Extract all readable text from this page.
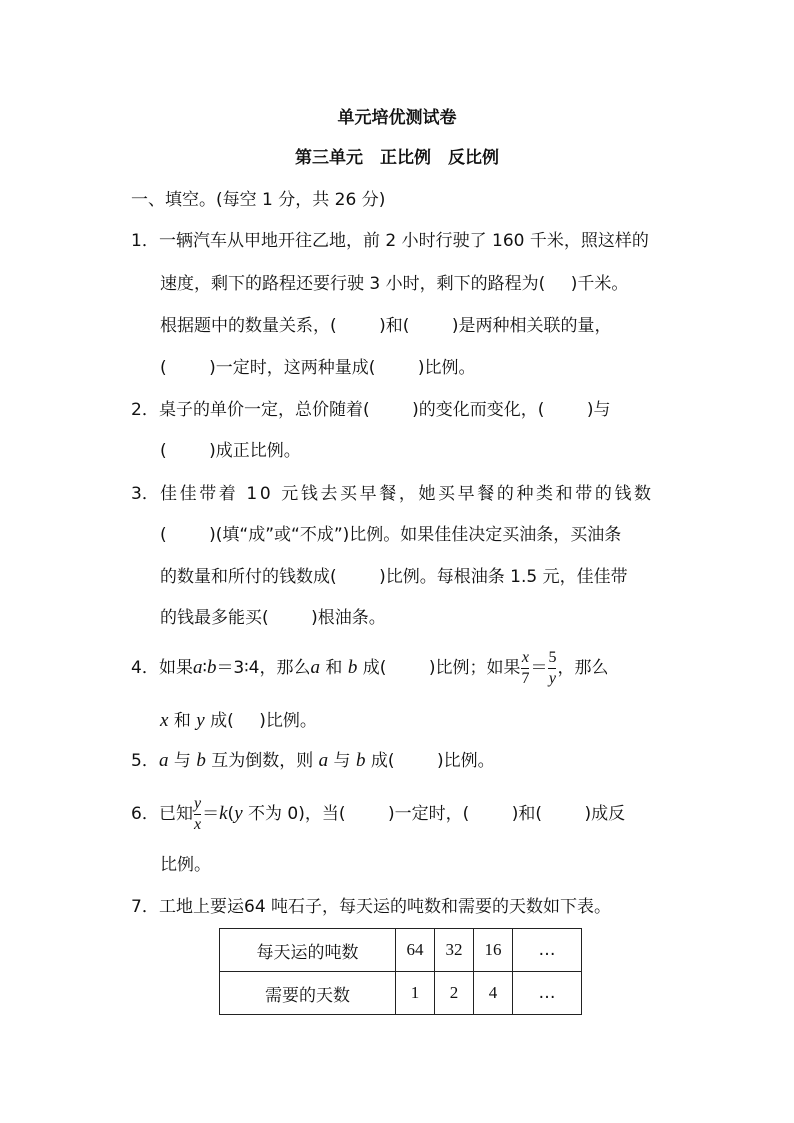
单元培优测试卷
第三单元　正比例　反比例
一、填空。(每空 1 分，共 26 分)
1． 一辆汽车从甲地开往乙地，前 2 小时行驶了 160 千米，照这样的
速度，剩下的路程还要行驶 3 小时，剩下的路程为(  )千米。
根据题中的数量关系，(   )和(   )是两种相关联的量，
(   )一定时，这两种量成(   )比例。
2． 桌子的单价一定，总价随着(   )的变化而变化，(   )与
(   )成正比例。
3． 佳佳带着 10 元钱去买早餐，她买早餐的种类和带的钱数
(   )(填“成”或“不成”)比例。如果佳佳决定买油条，买油条
的数量和所付的钱数成(   )比例。每根油条 1.5 元，佳佳带
的钱最多能买(   )根油条。
4． 如果a∶b＝3∶4，那么a 和 b 成(   )比例；如果 $\frac{x}{7} = \frac{5}{y}$ ，那么
x 和 y 成(  )比例。
5． a 与 b 互为倒数，则 a 与 b 成(   )比例。
6． 已知 $\frac{y}{x} =k(y$ 不为 0)，当(   )一定时，(   )和(   )成反
比例。
7． 工地上要运64 吨石子，每天运的吨数和需要的天数如下表。
每天运的吨数	64	32	16	…
需要的天数	1	2	4	…
